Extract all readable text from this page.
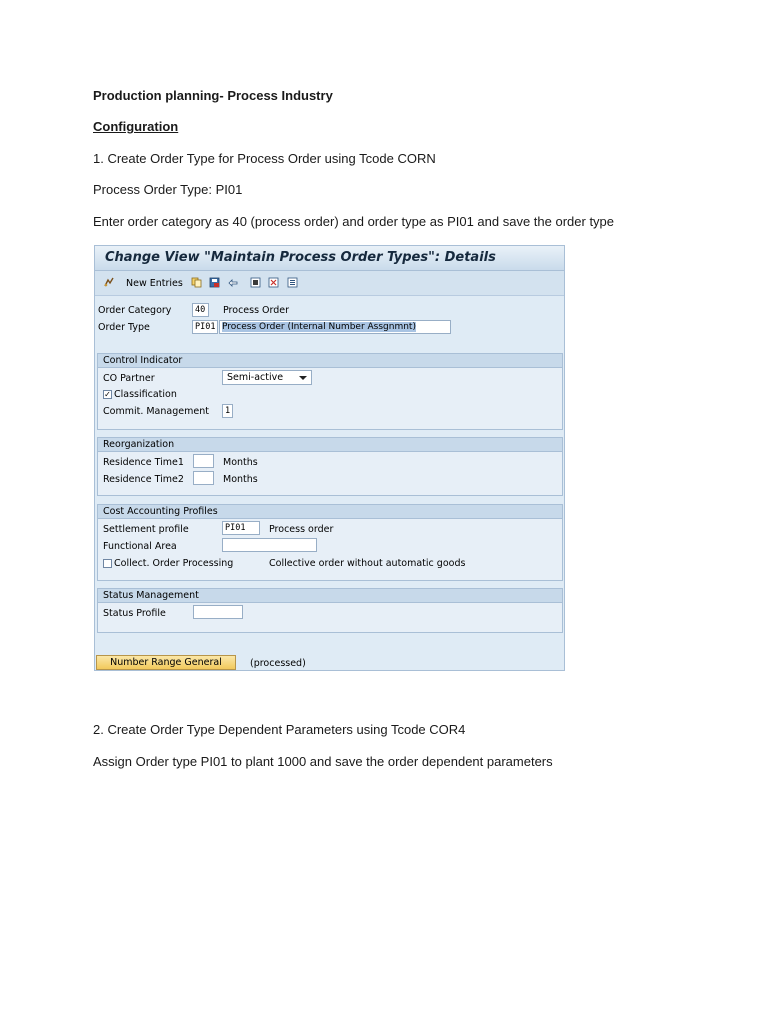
Production planning- Process Industry
Configuration
1. Create Order Type for Process Order using Tcode CORN
Process Order Type: PI01
Enter order category as 40 (process order) and order type as PI01 and save the order type
Change View "Maintain Process Order Types": Details
New Entries
Order Category	40	Process Order
Order Type	PI01 Process Order (Internal Number Assgnmnt)
Control Indicator
CO Partner	Semi-active
✓ Classification
Commit. Management	1
Reorganization
Residence Time1	Months
Residence Time2	Months
Cost Accounting Profiles
Settlement profile	PI01	Process order
Functional Area
Collect. Order Processing	Collective order without automatic goods
Status Management
Status Profile
Number Range General	(processed)
2. Create Order Type Dependent Parameters using Tcode COR4
Assign Order type PI01 to plant 1000 and save the order dependent parameters
